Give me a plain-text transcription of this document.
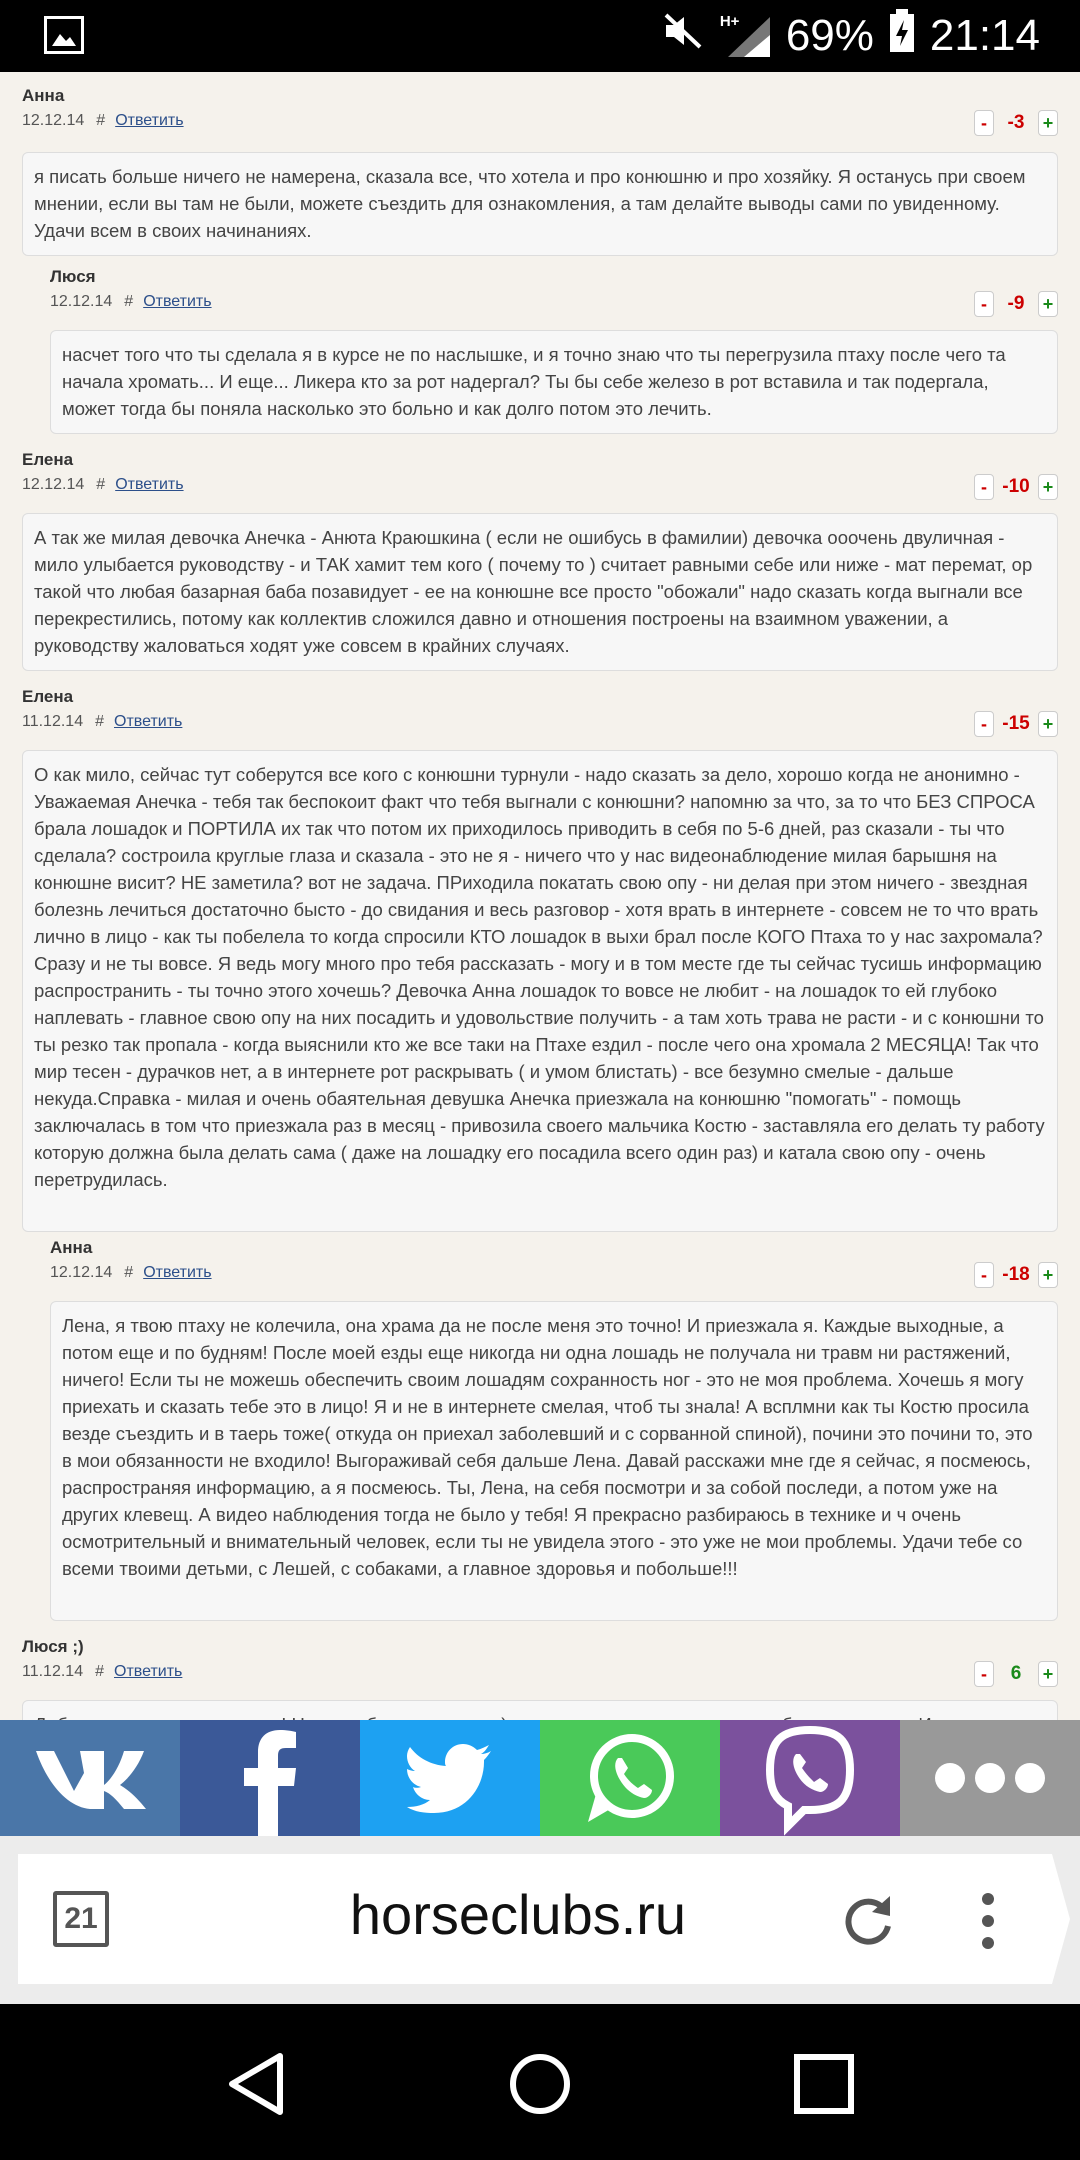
H+ 69% 21:14
Анна
12.12.14 # Ответить	-	-3	+
я писать больше ничего не намерена, сказала все, что хотела и про конюшню и про хозяйку. Я останусь при своем мнении, если вы там не были, можете съездить для ознакомления, а там делайте выводы сами по увиденному. Удачи всем в своих начинаниях.
Люся
12.12.14 # Ответить	-	-9	+
насчет того что ты сделала я в курсе не по наслышке, и я точно знаю что ты перегрузила птаху после чего та начала хромать... И еще... Ликера кто за рот надергал? Ты бы себе железо в рот вставила и так подергала, может тогда бы поняла насколько это больно и как долго потом это лечить.
Елена
12.12.14 # Ответить	- -10 +
А так же милая девочка Анечка - Анюта Краюшкина ( если не ошибусь в фамилии) девочка ооочень двуличная - мило улыбается руководству - и ТАК хамит тем кого ( почему то ) считает равными себе или ниже - мат перемат, ор такой что любая базарная баба позавидует - ее на конюшне все просто "обожали" надо сказать когда выгнали все перекрестились, потому как коллектив сложился давно и отношения построены на взаимном уважении, а руководству жаловаться ходят уже совсем в крайних случаях.
Елена
11.12.14 # Ответить	- -15 +
О как мило, сейчас тут соберутся все кого с конюшни турнули - надо сказать за дело, хорошо когда не анонимно - Уважаемая Анечка - тебя так беспокоит факт что тебя выгнали с конюшни? напомню за что, за то что БЕЗ СПРОСА брала лошадок и ПОРТИЛА их так что потом их приходилось приводить в себя по 5-6 дней, раз сказали - ты что сделала? состроила круглые глаза и сказала - это не я - ничего что у нас видеонаблюдение милая барышня на конюшне висит? НЕ заметила? вот не задача. ПРиходила покатать свою опу - ни делая при этом ничего - звездная болезнь лечиться достаточно бысто - до свидания и весь разговор - хотя врать в интернете - совсем не то что врать лично в лицо - как ты побелела то когда спросили КТО лошадок в выхи брал после КОГО Птаха то у нас захромала? Сразу и не ты вовсе. Я ведь могу много про тебя рассказать - могу и в том месте где ты сейчас тусишь информацию распространить - ты точно этого хочешь? Девочка Анна лошадок то вовсе не любит - на лошадок то ей глубоко наплевать - главное свою опу на них посадить и удовольствие получить - а там хоть трава не расти - и с конюшни то ты резко так пропала - когда выяснили кто же все таки на Птахе ездил - после чего она хромала 2 МЕСЯЦА! Так что мир тесен - дурачков нет, а в интернете рот раскрывать ( и умом блистать) - все безумно смелые - дальше некуда.Справка - милая и очень обаятельная девушка Анечка приезжала на конюшню "помогать" - помощь заключалась в том что приезжала раз в месяц - привозила своего мальчика Костю - заставляла его делать ту работу которую должна была делать сама ( даже на лошадку его посадила всего один раз) и катала свою опу - очень перетрудилась.
Анна
12.12.14 # Ответить	- -18 +
Лена, я твою птаху не колечила, она храма да не после меня это точно! И приезжала я. Каждые выходные, а потом еще и по будням! После моей езды еще никогда ни одна лошадь не получала ни травм ни растяжений, ничего! Если ты не можешь обеспечить своим лошадям сохранность ног - это не моя проблема. Хочешь я могу приехать и сказать тебе это в лицо! Я и не в интернете смелая, чтоб ты знала! А всплмни как ты Костю просила везде съездить и в таерь тоже( откуда он приехал заболевший и с сорванной спиной), почини это почини то, это в мои обязанности не входило! Выгораживай себя дальше Лена. Давай расскажи мне где я сейчас, я посмеюсь, распространяя информацию, а я посмеюсь. Ты, Лена, на себя посмотри и за собой последи, а потом уже на других клевещ. А видео наблюдения тогда не было у тебя! Я прекрасно разбираюсь в технике и ч очень осмотрительный и внимательный человек, если ты не увидела этого - это уже не мои проблемы. Удачи тебе со всеми твоими детьми, с Лешей, с собаками, а главное здоровья и побольше!!!
Люся ;)
11.12.14 # Ответить	-	6	+
21	horseclubs.ru
